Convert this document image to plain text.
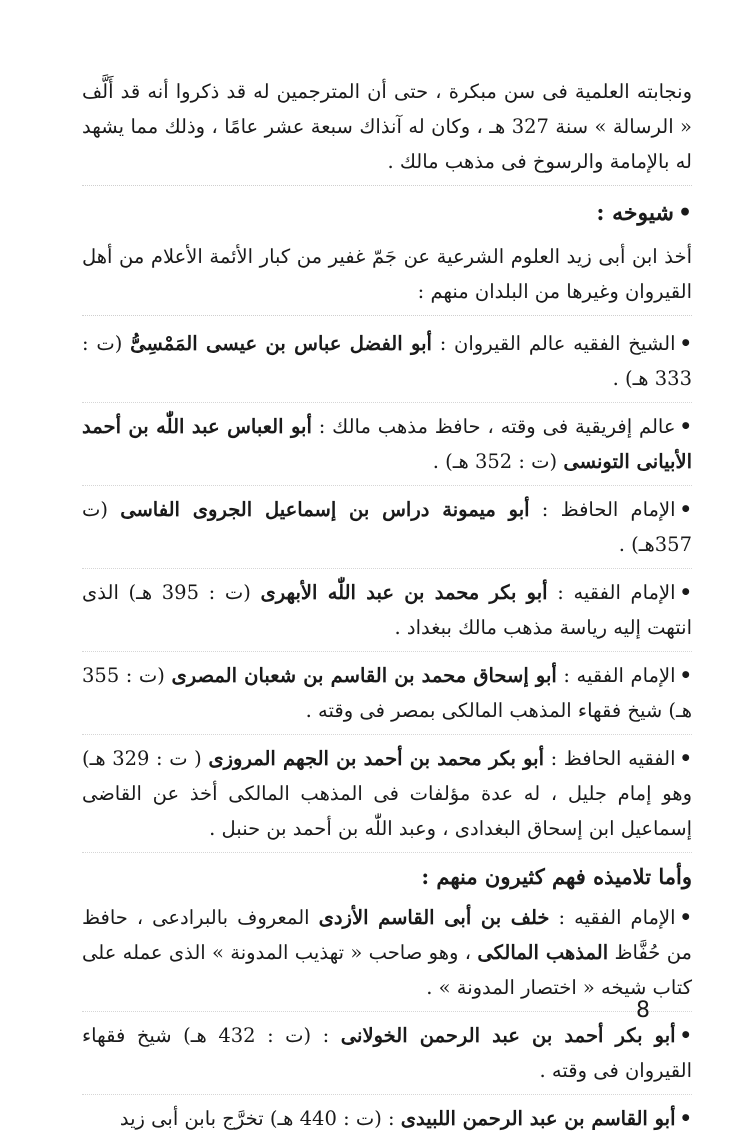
ونجابته العلمية فى سن مبكرة ، حتى أن المترجمين له قد ذكروا أنه قد أَلَّف « الرسالة » سنة 327 هـ ، وكان له آنذاك سبعة عشر عامًا ، وذلك مما يشهد له بالإمامة والرسوخ فى مذهب مالك .

•شيوخه :

أخذ ابن أبى زيد العلوم الشرعية عن جَمّ غفير من كبار الأئمة الأعلام من أهل القيروان وغيرها من البلدان منهم :

•الشيخ الفقيه عالم القيروان : أبو الفضل عباس بن عيسى المَمْسِىُّ (ت : 333 هـ) .

•عالم إفريقية فى وقته ، حافظ مذهب مالك : أبو العباس عبد اللّٰه بن أحمد الأبيانى التونسى (ت : 352 هـ) .

•الإمام الحافظ : أبو ميمونة دراس بن إسماعيل الجروى الفاسى (ت 357هـ) .

•الإمام الفقيه : أبو بكر محمد بن عبد اللّٰه الأبهرى (ت : 395 هـ) الذى انتهت إليه رياسة مذهب مالك ببغداد .

•الإمام الفقيه : أبو إسحاق محمد بن القاسم بن شعبان المصرى (ت : 355 هـ) شيخ فقهاء المذهب المالكى بمصر فى وقته .

•الفقيه الحافظ : أبو بكر محمد بن أحمد بن الجهم المروزى ( ت : 329 هـ) وهو إمام جليل ، له عدة مؤلفات فى المذهب المالكى أخذ عن القاضى إسماعيل ابن إسحاق البغدادى ، وعبد اللّٰه بن أحمد بن حنبل .

وأما تلاميذه فهم كثيرون منهم :

•الإمام الفقيه : خلف بن أبى القاسم الأزدى المعروف بالبرادعى ، حافظ من حُفَّاظ المذهب المالكى ، وهو صاحب « تهذيب المدونة » الذى عمله على كتاب شيخه « اختصار المدونة » .

•أبو بكر أحمد بن عبد الرحمن الخولانى : (ت : 432 هـ) شيخ فقهاء القيروان فى وقته .

•أبو القاسم بن عبد الرحمن اللبيدى : (ت : 440 هـ) تخرَّج بابن أبى زيد

8
